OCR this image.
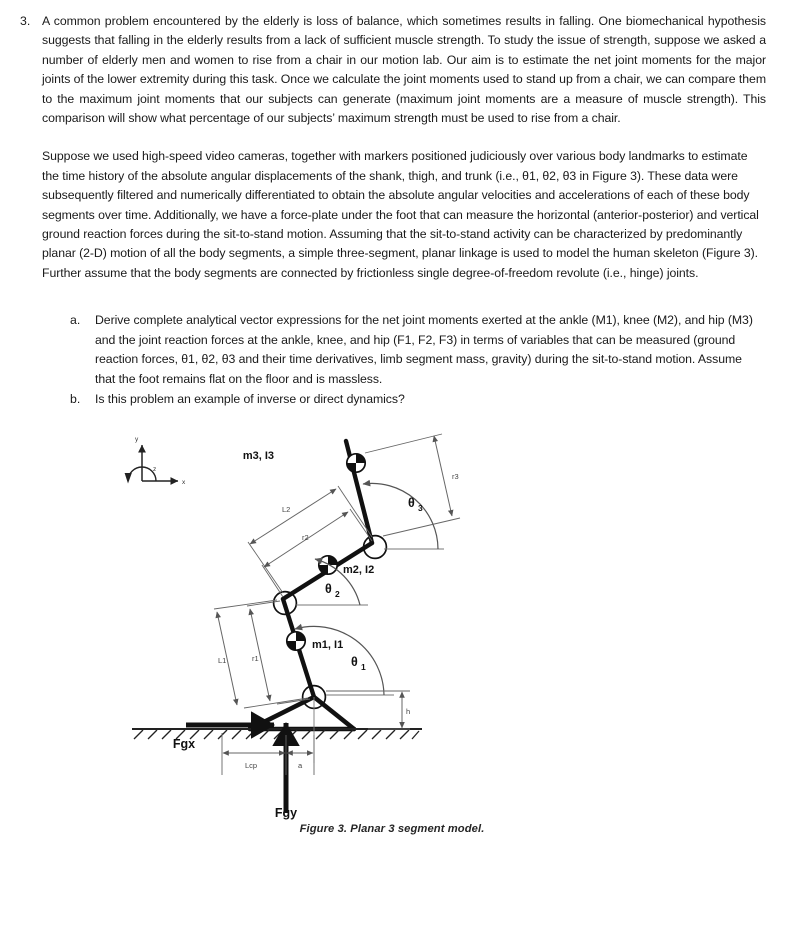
3. A common problem encountered by the elderly is loss of balance, which sometimes results in falling. One biomechanical hypothesis suggests that falling in the elderly results from a lack of sufficient muscle strength. To study the issue of strength, suppose we asked a number of elderly men and women to rise from a chair in our motion lab. Our aim is to estimate the net joint moments for the major joints of the lower extremity during this task. Once we calculate the joint moments used to stand up from a chair, we can compare them to the maximum joint moments that our subjects can generate (maximum joint moments are a measure of muscle strength). This comparison will show what percentage of our subjects’ maximum strength must be used to rise from a chair.

Suppose we used high-speed video cameras, together with markers positioned judiciously over various body landmarks to estimate the time history of the absolute angular displacements of the shank, thigh, and trunk (i.e., θ1, θ2, θ3 in Figure 3). These data were subsequently filtered and numerically differentiated to obtain the absolute angular velocities and accelerations of each of these body segments over time. Additionally, we have a force-plate under the foot that can measure the horizontal (anterior-posterior) and vertical ground reaction forces during the sit-to-stand motion. Assuming that the sit-to-stand activity can be characterized by predominantly planar (2-D) motion of all the body segments, a simple three-segment, planar linkage is used to model the human skeleton (Figure 3). Further assume that the body segments are connected by frictionless single degree-of-freedom revolute (i.e., hinge) joints.

a.	Derive complete analytical vector expressions for the net joint moments exerted at the ankle (M1), knee (M2), and hip (M3) and the joint reaction forces at the ankle, knee, and hip (F1, F2, F3) in terms of variables that can be measured (ground reaction forces, θ1, θ2, θ3 and their time derivatives, limb segment mass, gravity) during the sit-to-stand motion. Assume that the foot remains flat on the floor and is massless.

b.	Is this problem an example of inverse or direct dynamics?

y
x
z
m3, I3
m2, I2
m1, I1
θ 3
θ 2
θ 1
r3
L2
r2
L1	r1
h
Fgx
Fgy
Lcp	a
Figure 3. Planar 3 segment model.
